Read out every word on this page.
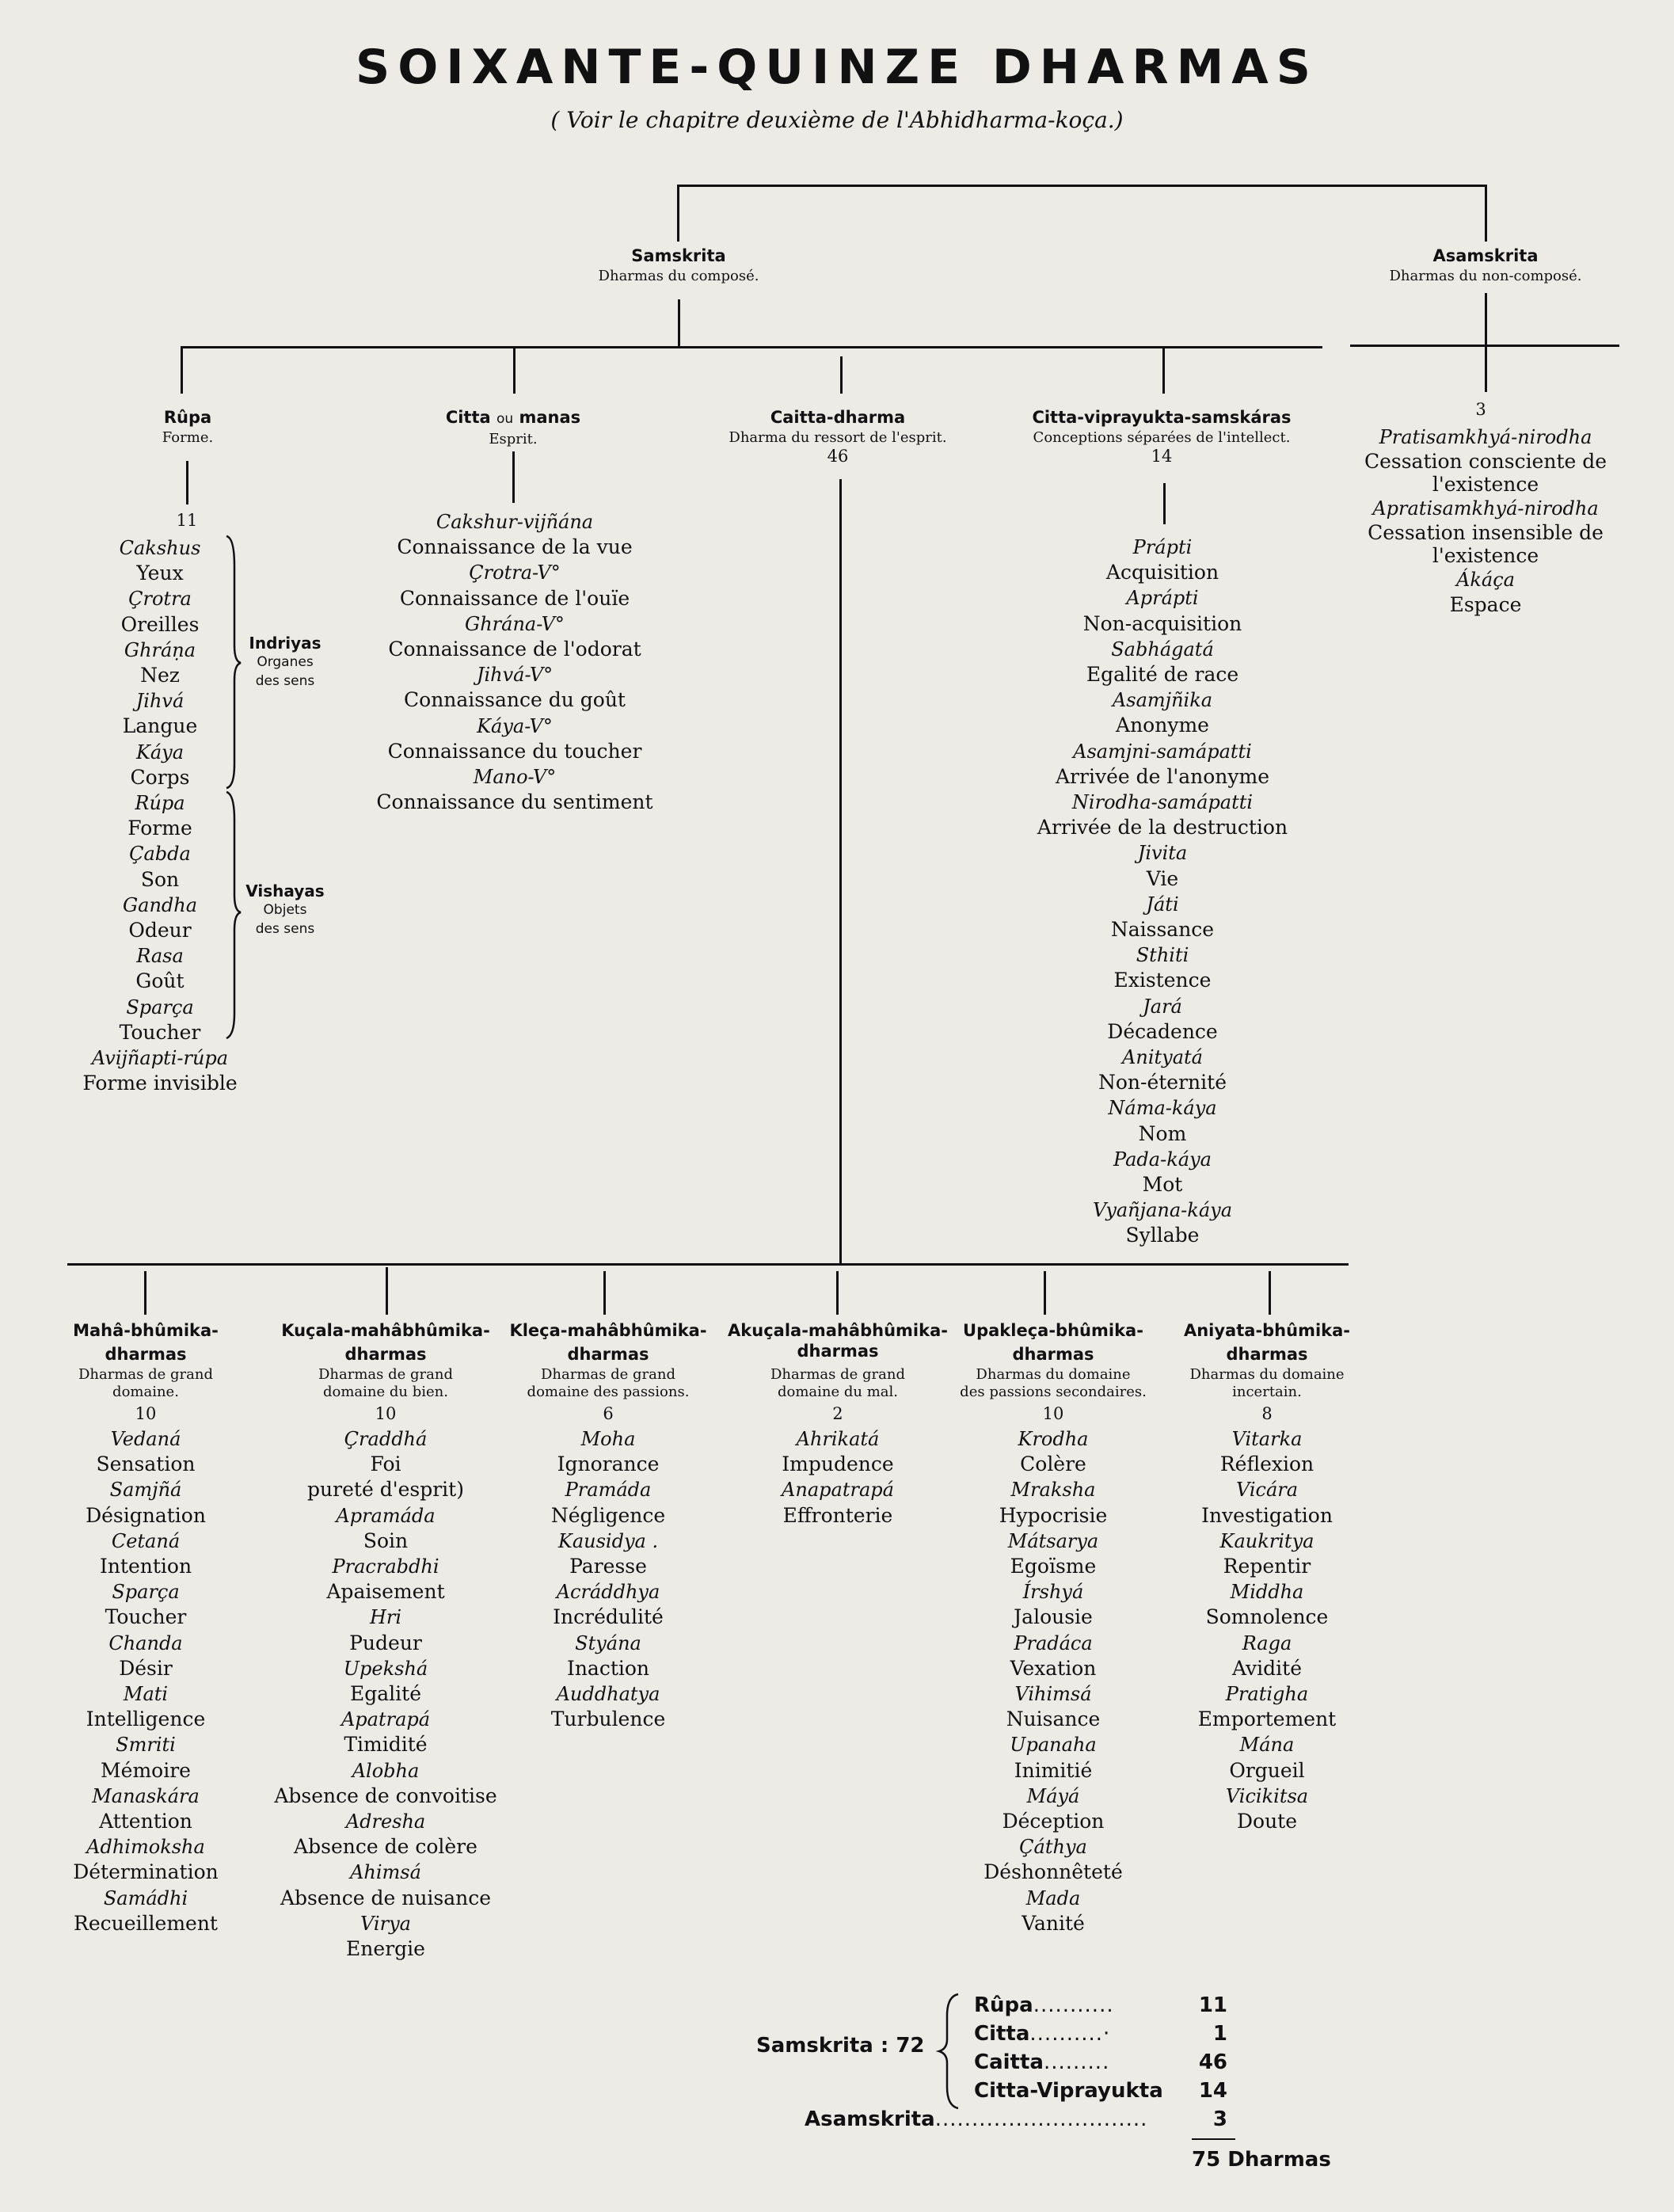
SOIXANTE-QUINZE DHARMAS
( Voir le chapitre deuxième de l'Abhidharma-koça.)
Samskrita
Dharmas du composé.
Asamskrita
Dharmas du non-composé.
Rûpa
Forme.
11
Cakshus
Yeux
Çrotra
Oreilles
Ghráṇa
Nez
Jihvá
Langue
Káya
Corps
Rúpa
Forme
Çabda
Son
Gandha
Odeur
Rasa
Goût
Sparça
Toucher
Avijñapti-rúpa
Forme invisible
Indriyas
Organes
des sens
Vishayas
Objets
des sens
Citta ou manas
Esprit.
Cakshur-vijñána
Connaissance de la vue
Çrotra-V°
Connaissance de l'ouïe
Ghrána-V°
Connaissance de l'odorat
Jihvá-V°
Connaissance du goût
Káya-V°
Connaissance du toucher
Mano-V°
Connaissance du sentiment
Caitta-dharma
Dharma du ressort de l'esprit.
46
Citta-viprayukta-samskáras
Conceptions séparées de l'intellect.
14
Prápti
Acquisition
Aprápti
Non-acquisition
Sabhágatá
Egalité de race
Asamjñika
Anonyme
Asamjni-samápatti
Arrivée de l'anonyme
Nirodha-samápatti
Arrivée de la destruction
Jivita
Vie
Játi
Naissance
Sthiti
Existence
Jará
Décadence
Anityatá
Non-éternité
Náma-káya
Nom
Pada-káya
Mot
Vyañjana-káya
Syllabe
3
Pratisamkhyá-nirodha
Cessation consciente de
l'existence
Apratisamkhyá-nirodha
Cessation insensible de
l'existence
Ákáça
Espace
Mahâ-bhûmika-
dharmas
Dharmas de grand
domaine.
10
Vedaná
Sensation
Samjñá
Désignation
Cetaná
Intention
Sparça
Toucher
Chanda
Désir
Mati
Intelligence
Smriti
Mémoire
Manaskára
Attention
Adhimoksha
Détermination
Samádhi
Recueillement
Kuçala-mahâbhûmika-
dharmas
Dharmas de grand
domaine du bien.
10
Çraddhá
Foi
pureté d'esprit)
Apramáda
Soin
Pracrabdhi
Apaisement
Hri
Pudeur
Upekshá
Egalité
Apatrapá
Timidité
Alobha
Absence de convoitise
Adresha
Absence de colère
Ahimsá
Absence de nuisance
Virya
Energie
Kleça-mahâbhûmika-
dharmas
Dharmas de grand
domaine des passions.
6
Moha
Ignorance
Pramáda
Négligence
Kausidya .
Paresse
Acráddhya
Incrédulité
Styána
Inaction
Auddhatya
Turbulence
Akuçala-mahâbhûmika-
dharmas
Dharmas de grand
domaine du mal.
2
Ahrikatá
Impudence
Anapatrapá
Effronterie
Upakleça-bhûmika-
dharmas
Dharmas du domaine
des passions secondaires.
10
Krodha
Colère
Mraksha
Hypocrisie
Mátsarya
Egoïsme
Írshyá
Jalousie
Pradáca
Vexation
Vihimsá
Nuisance
Upanaha
Inimitié
Máyá
Déception
Çáthya
Déshonnêteté
Mada
Vanité
Aniyata-bhûmika-
dharmas
Dharmas du domaine
incertain.
8
Vitarka
Réflexion
Vicára
Investigation
Kaukritya
Repentir
Middha
Somnolence
Raga
Avidité
Pratigha
Emportement
Mána
Orgueil
Vicikitsa
Doute
Samskrita : 72
Rûpa...........	11
Citta..........·	1
Caitta.........	46
Citta-Viprayukta 14
Asamskrita.............................	3
75 Dharmas
